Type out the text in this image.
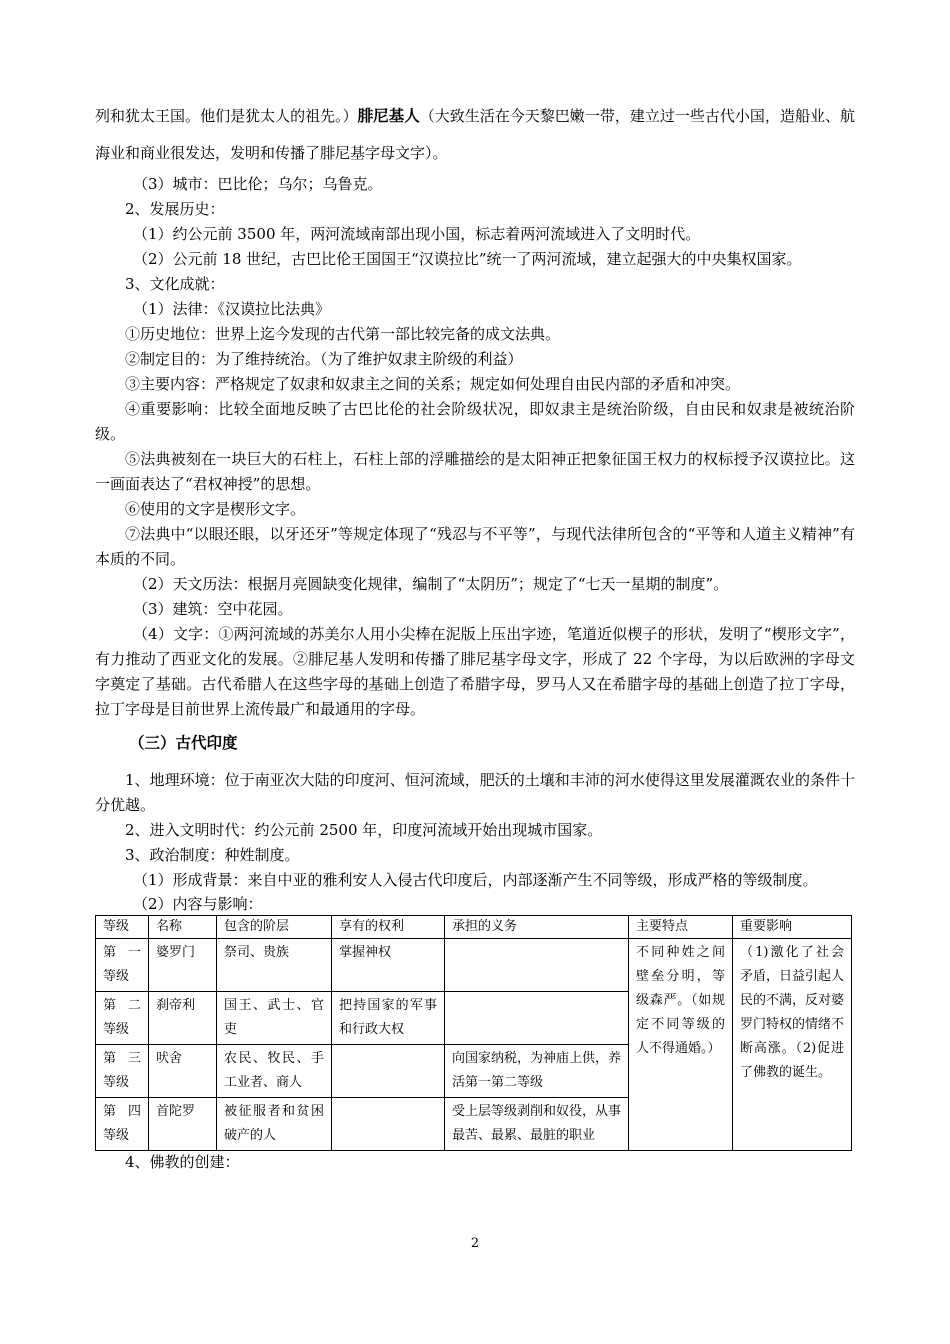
列和犹太王国。他们是犹太人的祖先。）腓尼基人（大致生活在今天黎巴嫩一带，建立过一些古代小国，造船业、航海业和商业很发达，发明和传播了腓尼基字母文字）。

（3）城市：巴比伦；乌尔；乌鲁克。

2、发展历史：

（1）约公元前 3500 年，两河流域南部出现小国，标志着两河流域进入了文明时代。

（2）公元前 18 世纪，古巴比伦王国国王“汉谟拉比”统一了两河流域，建立起强大的中央集权国家。

3、文化成就：

（1）法律：《汉谟拉比法典》

①历史地位：世界上迄今发现的古代第一部比较完备的成文法典。

②制定目的：为了维持统治。（为了维护奴隶主阶级的利益）

③主要内容：严格规定了奴隶和奴隶主之间的关系；规定如何处理自由民内部的矛盾和冲突。

④重要影响：比较全面地反映了古巴比伦的社会阶级状况，即奴隶主是统治阶级，自由民和奴隶是被统治阶级。

⑤法典被刻在一块巨大的石柱上，石柱上部的浮雕描绘的是太阳神正把象征国王权力的权标授予汉谟拉比。这一画面表达了“君权神授”的思想。

⑥使用的文字是楔形文字。

⑦法典中“以眼还眼，以牙还牙”等规定体现了“残忍与不平等”，与现代法律所包含的“平等和人道主义精神”有本质的不同。

（2）天文历法：根据月亮圆缺变化规律，编制了“太阴历”；规定了“七天一星期的制度”。

（3）建筑：空中花园。

（4）文字：①两河流域的苏美尔人用小尖棒在泥版上压出字迹，笔道近似楔子的形状，发明了“楔形文字”，有力推动了西亚文化的发展。②腓尼基人发明和传播了腓尼基字母文字，形成了 22 个字母，为以后欧洲的字母文字奠定了基础。古代希腊人在这些字母的基础上创造了希腊字母，罗马人又在希腊字母的基础上创造了拉丁字母，拉丁字母是目前世界上流传最广和最通用的字母。

（三）古代印度

1、地理环境：位于南亚次大陆的印度河、恒河流域，肥沃的土壤和丰沛的河水使得这里发展灌溉农业的条件十分优越。

2、进入文明时代：约公元前 2500 年，印度河流域开始出现城市国家。

3、政治制度：种姓制度。

（1）形成背景：来自中亚的雅利安人入侵古代印度后，内部逐渐产生不同等级，形成严格的等级制度。

（2）内容与影响：

等级	名称	包含的阶层	享有的权利	承担的义务	主要特点	重要影响
第一等级	婆罗门	祭司、贵族	掌握神权		不同种姓之间壁垒分明，等级森严。（如规定不同等级的人不得通婚。）	（1)激化了社会矛盾，日益引起人民的不满，反对婆罗门特权的情绪不断高涨。（2)促进了佛教的诞生。
第二等级	刹帝利	国王、武士、官吏	把持国家的军事和行政大权			
第三等级	吠舍	农民、牧民、手工业者、商人		向国家纳税，为神庙上供，养活第一第二等级		
第四等级	首陀罗	被征服者和贫困破产的人		受上层等级剥削和奴役，从事最苦、最累、最脏的职业		

4、佛教的创建：

2
